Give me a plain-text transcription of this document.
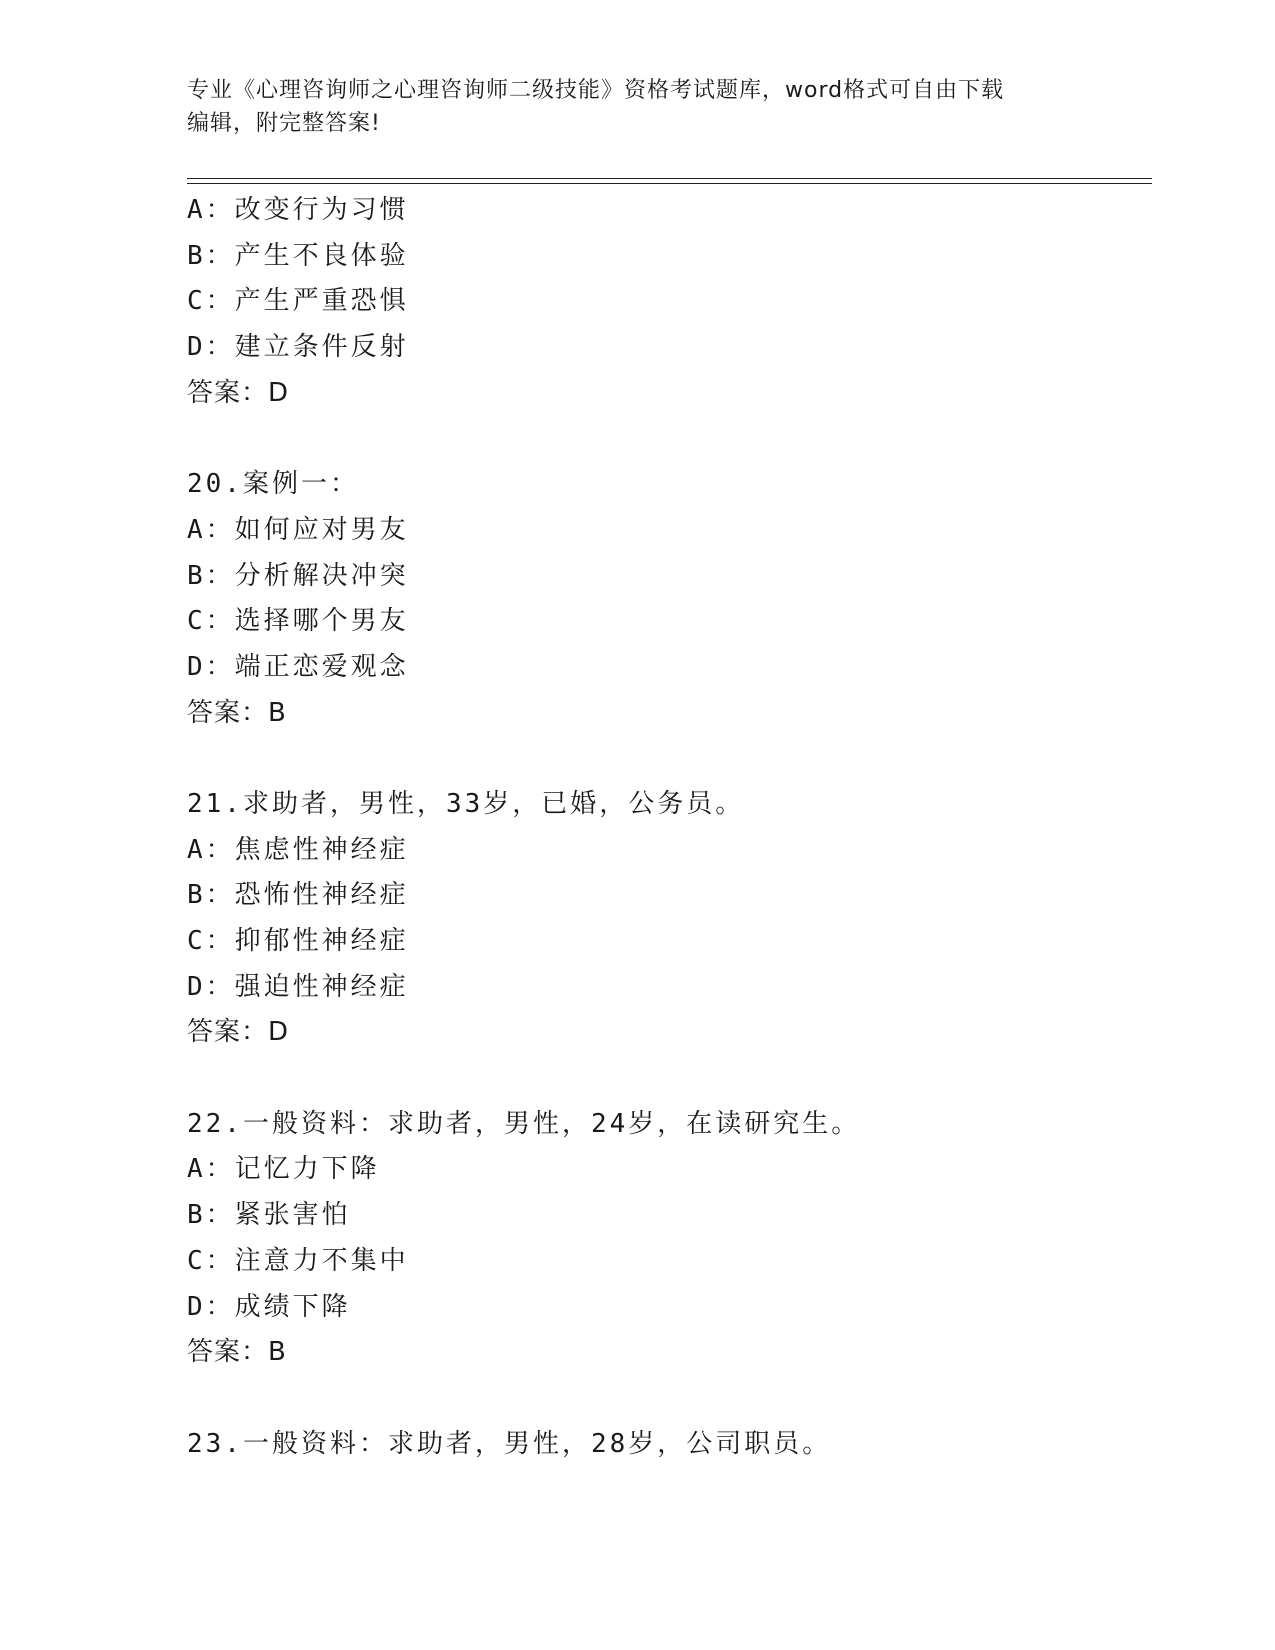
专业《心理咨询师之心理咨询师二级技能》资格考试题库，word格式可自由下载
编辑，附完整答案!
A：改变行为习惯
B：产生不良体验
C：产生严重恐惧
D：建立条件反射
答案：D
20.案例一：
A：如何应对男友
B：分析解决冲突
C：选择哪个男友
D：端正恋爱观念
答案：B
21.求助者，男性，33岁，已婚，公务员。
A：焦虑性神经症
B：恐怖性神经症
C：抑郁性神经症
D：强迫性神经症
答案：D
22.一般资料：求助者，男性，24岁，在读研究生。
A：记忆力下降
B：紧张害怕
C：注意力不集中
D：成绩下降
答案：B
23.一般资料：求助者，男性，28岁，公司职员。
